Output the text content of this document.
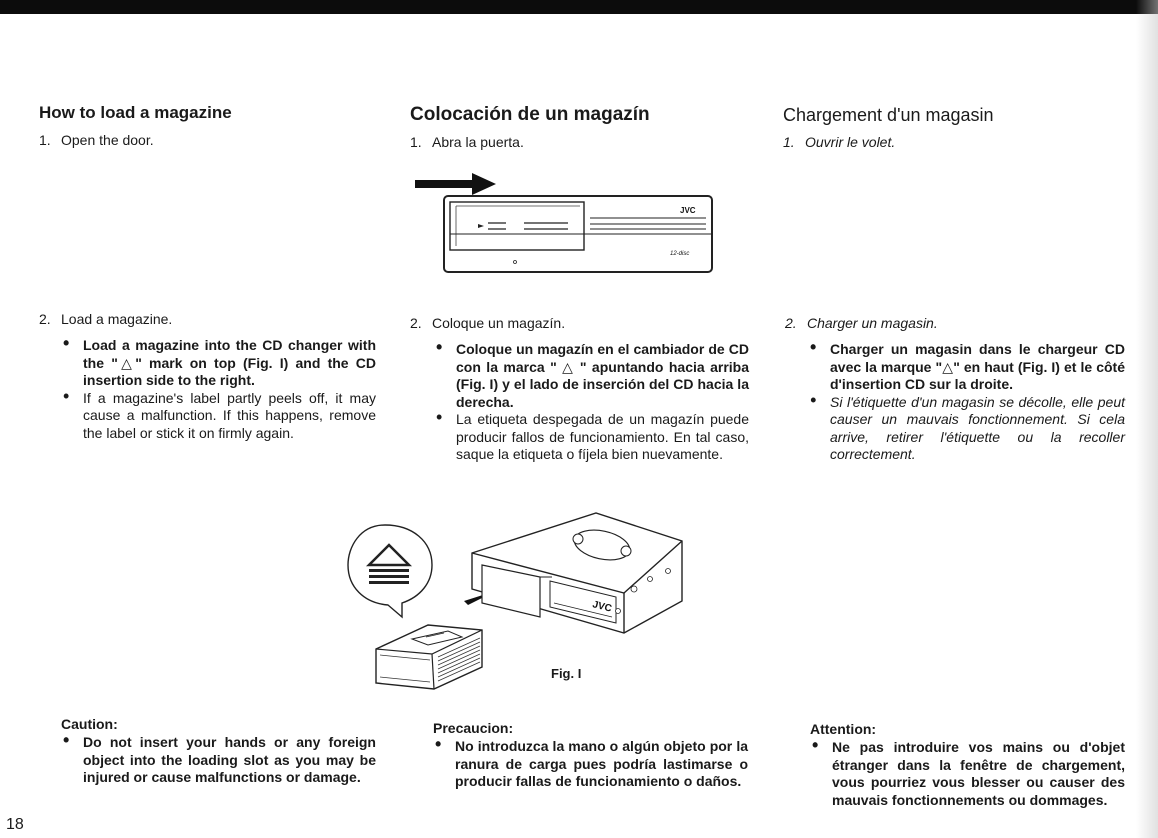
How to load a magazine

1. Open the door.

2. Load a magazine.

• Load a magazine into the CD changer with the "△" mark on top (Fig. I) and the CD insertion side to the right.
• If a magazine's label partly peels off, it may cause a malfunction. If this happens, remove the label or stick it on firmly again.

Caution:

• Do not insert your hands or any foreign object into the loading slot as you may be injured or cause malfunctions or damage.

Colocación de un magazín

1. Abra la puerta.

2. Coloque un magazín.

• Coloque un magazín en el cambiador de CD con la marca " △ " apuntando hacia arriba (Fig. I) y el lado de inserción del CD hacia la derecha.
• La etiqueta despegada de un magazín puede producir fallos de funcionamiento. En tal caso, saque la etiqueta o fíjela bien nuevamente.

Precaucion:

• No introduzca la mano o algún objeto por la ranura de carga pues podría lastimarse o producir fallas de funcionamiento o daños.

Chargement d'un magasin

1. Ouvrir le volet.

2. Charger un magasin.

• Charger un magasin dans le chargeur CD avec la marque "△" en haut (Fig. I) et le côté d'insertion CD sur la droite.
• Si l'étiquette d'un magasin se décolle, elle peut causer un mauvais fonctionnement. Si cela arrive, retirer l'étiquette ou la recoller correctement.

Attention:

• Ne pas introduire vos mains ou d'objet étranger dans la fenêtre de chargement, vous pourriez vous blesser ou causer des mauvais fonctionnements ou dommages.
JVC
12-disc
JVC
Fig. I
18
